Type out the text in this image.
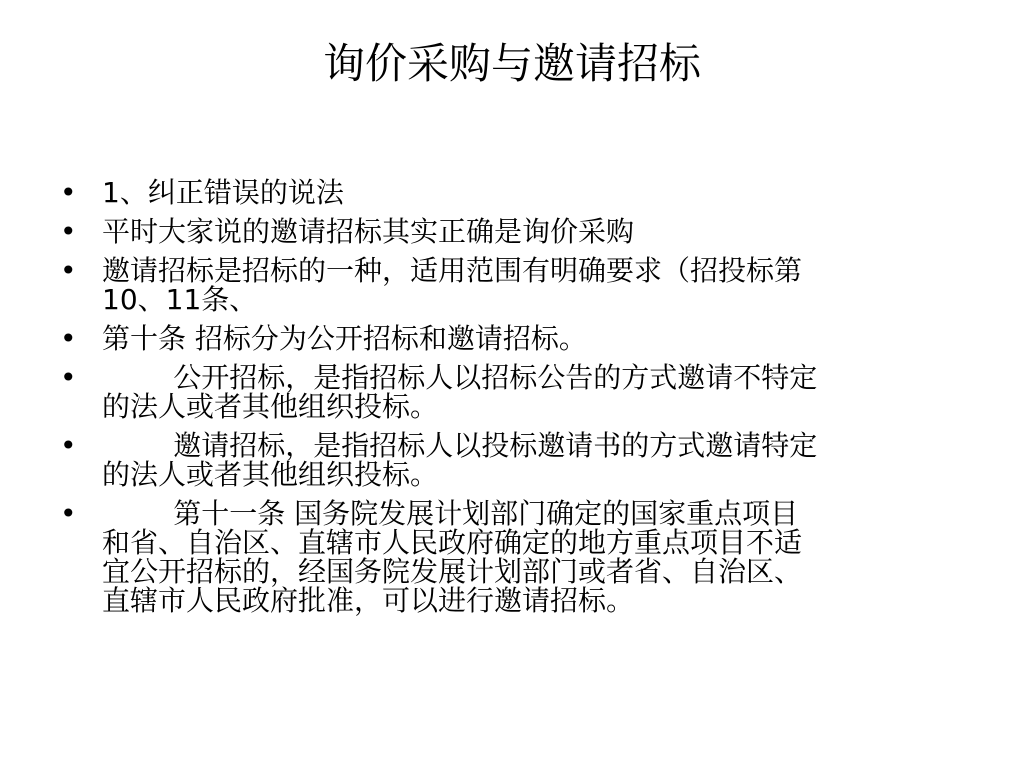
询价采购与邀请招标
• 1、纠正错误的说法
• 平时大家说的邀请招标其实正确是询价采购
• 邀请招标是招标的一种，适用范围有明确要求（招投标第
10、11条、
• 第十条 招标分为公开招标和邀请招标。
•	公开招标，是指招标人以招标公告的方式邀请不特定
的法人或者其他组织投标。
•	邀请招标，是指招标人以投标邀请书的方式邀请特定
的法人或者其他组织投标。
•	第十一条 国务院发展计划部门确定的国家重点项目
和省、自治区、直辖市人民政府确定的地方重点项目不适
宜公开招标的，经国务院发展计划部门或者省、自治区、
直辖市人民政府批准，可以进行邀请招标。
